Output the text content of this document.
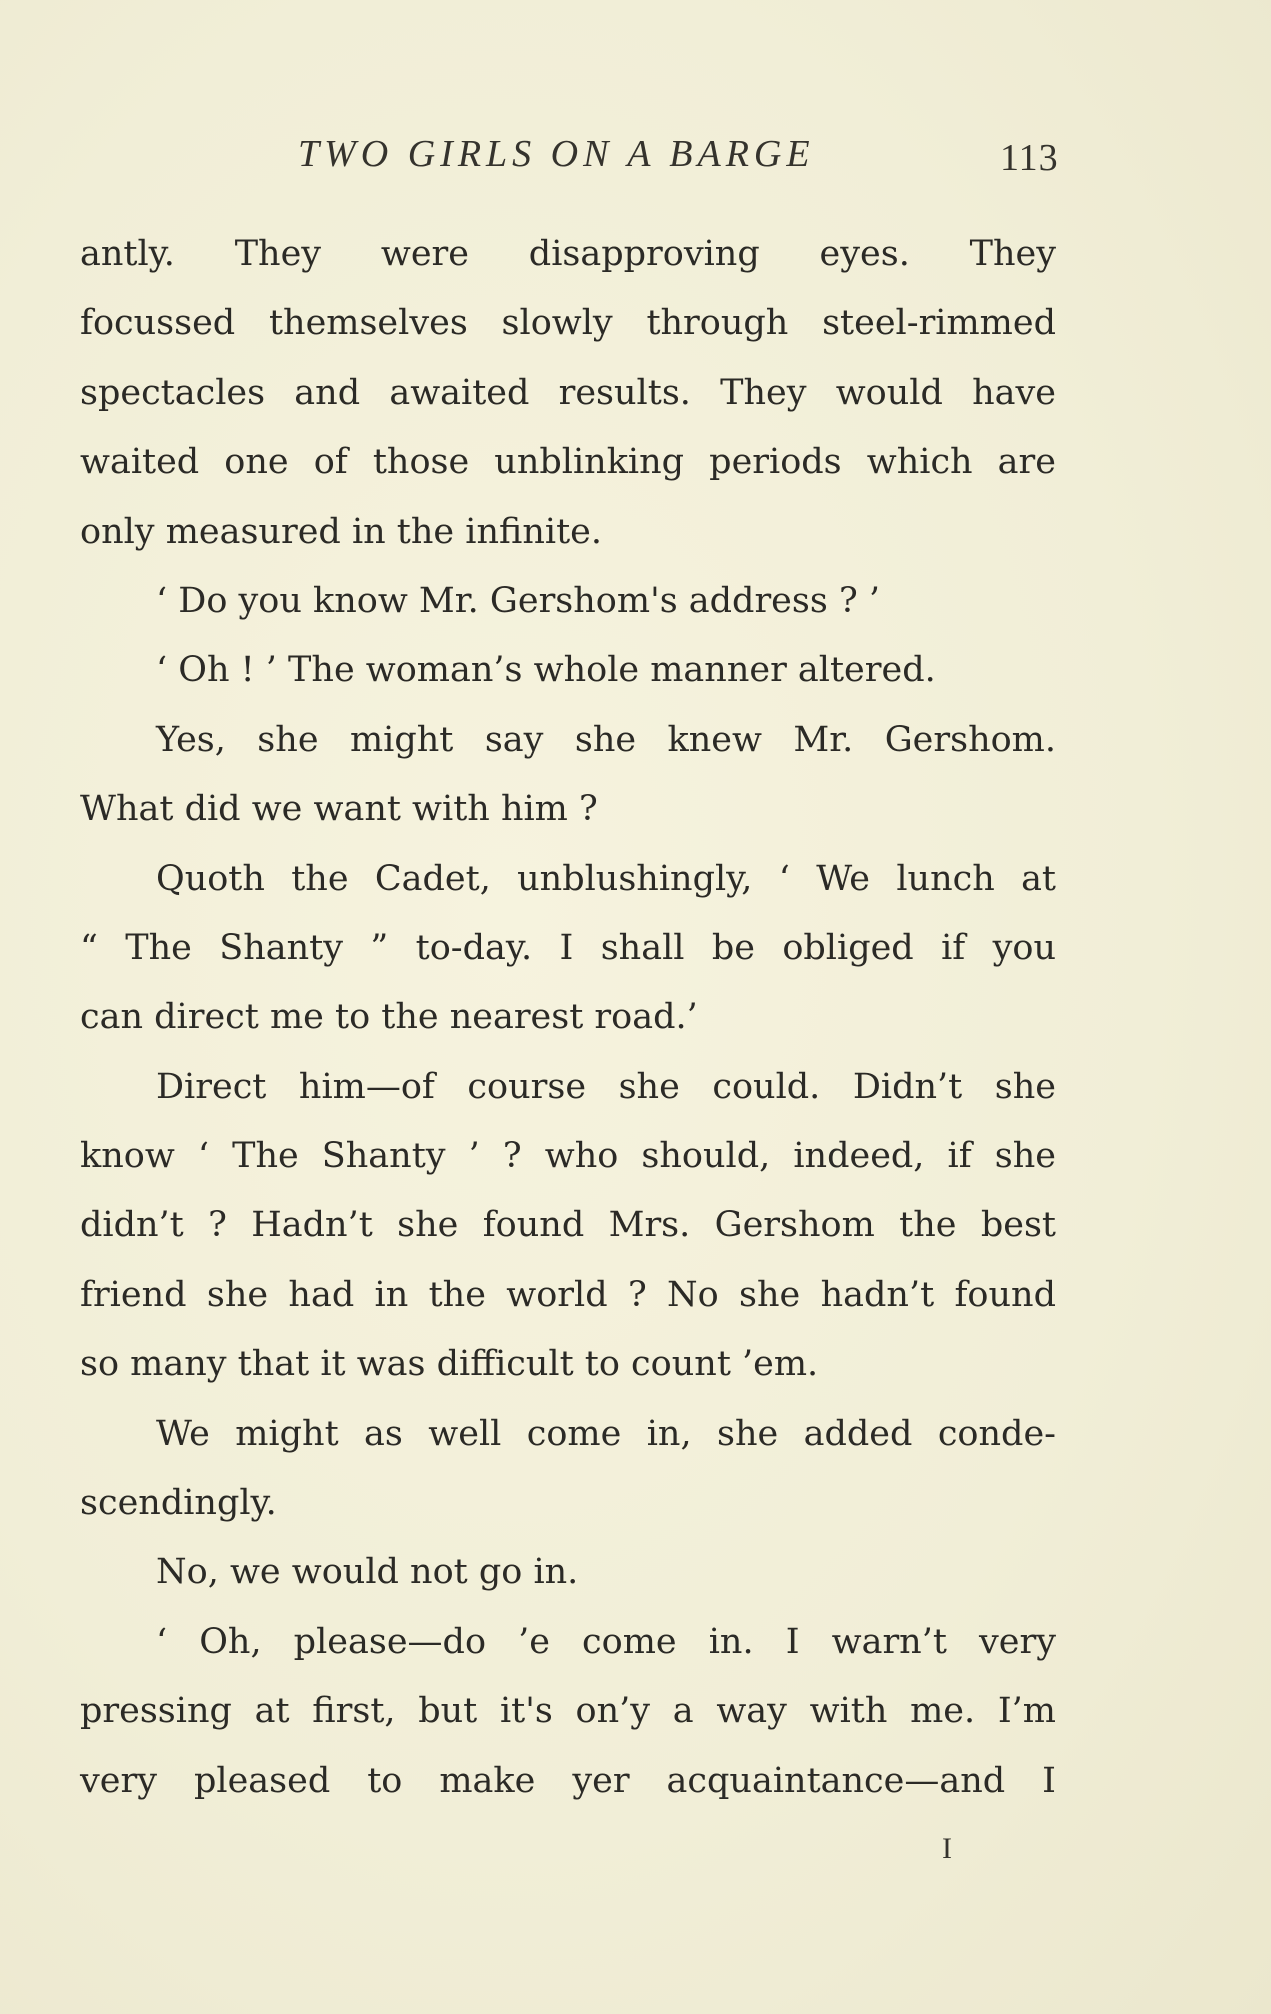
TWO GIRLS ON A BARGE	113
antly. They were disapproving eyes. They
focussed themselves slowly through steel-rimmed
spectacles and awaited results. They would have
waited one of those unblinking periods which are
only measured in the infinite.
‘ Do you know Mr. Gershom's address ? ’
‘ Oh ! ’ The woman’s whole manner altered.
Yes, she might say she knew Mr. Gershom.
What did we want with him ?
Quoth the Cadet, unblushingly, ‘ We lunch at
“ The Shanty ” to-day. I shall be obliged if you
can direct me to the nearest road.’
Direct him—of course she could. Didn’t she
know ‘ The Shanty ’ ? who should, indeed, if she
didn’t ? Hadn’t she found Mrs. Gershom the best
friend she had in the world ? No she hadn’t found
so many that it was difficult to count ’em.
We might as well come in, she added conde-
scendingly.
No, we would not go in.
‘ Oh, please—do ’e come in. I warn’t very
pressing at first, but it's on’y a way with me. I’m
very pleased to make yer acquaintance—and I
I
